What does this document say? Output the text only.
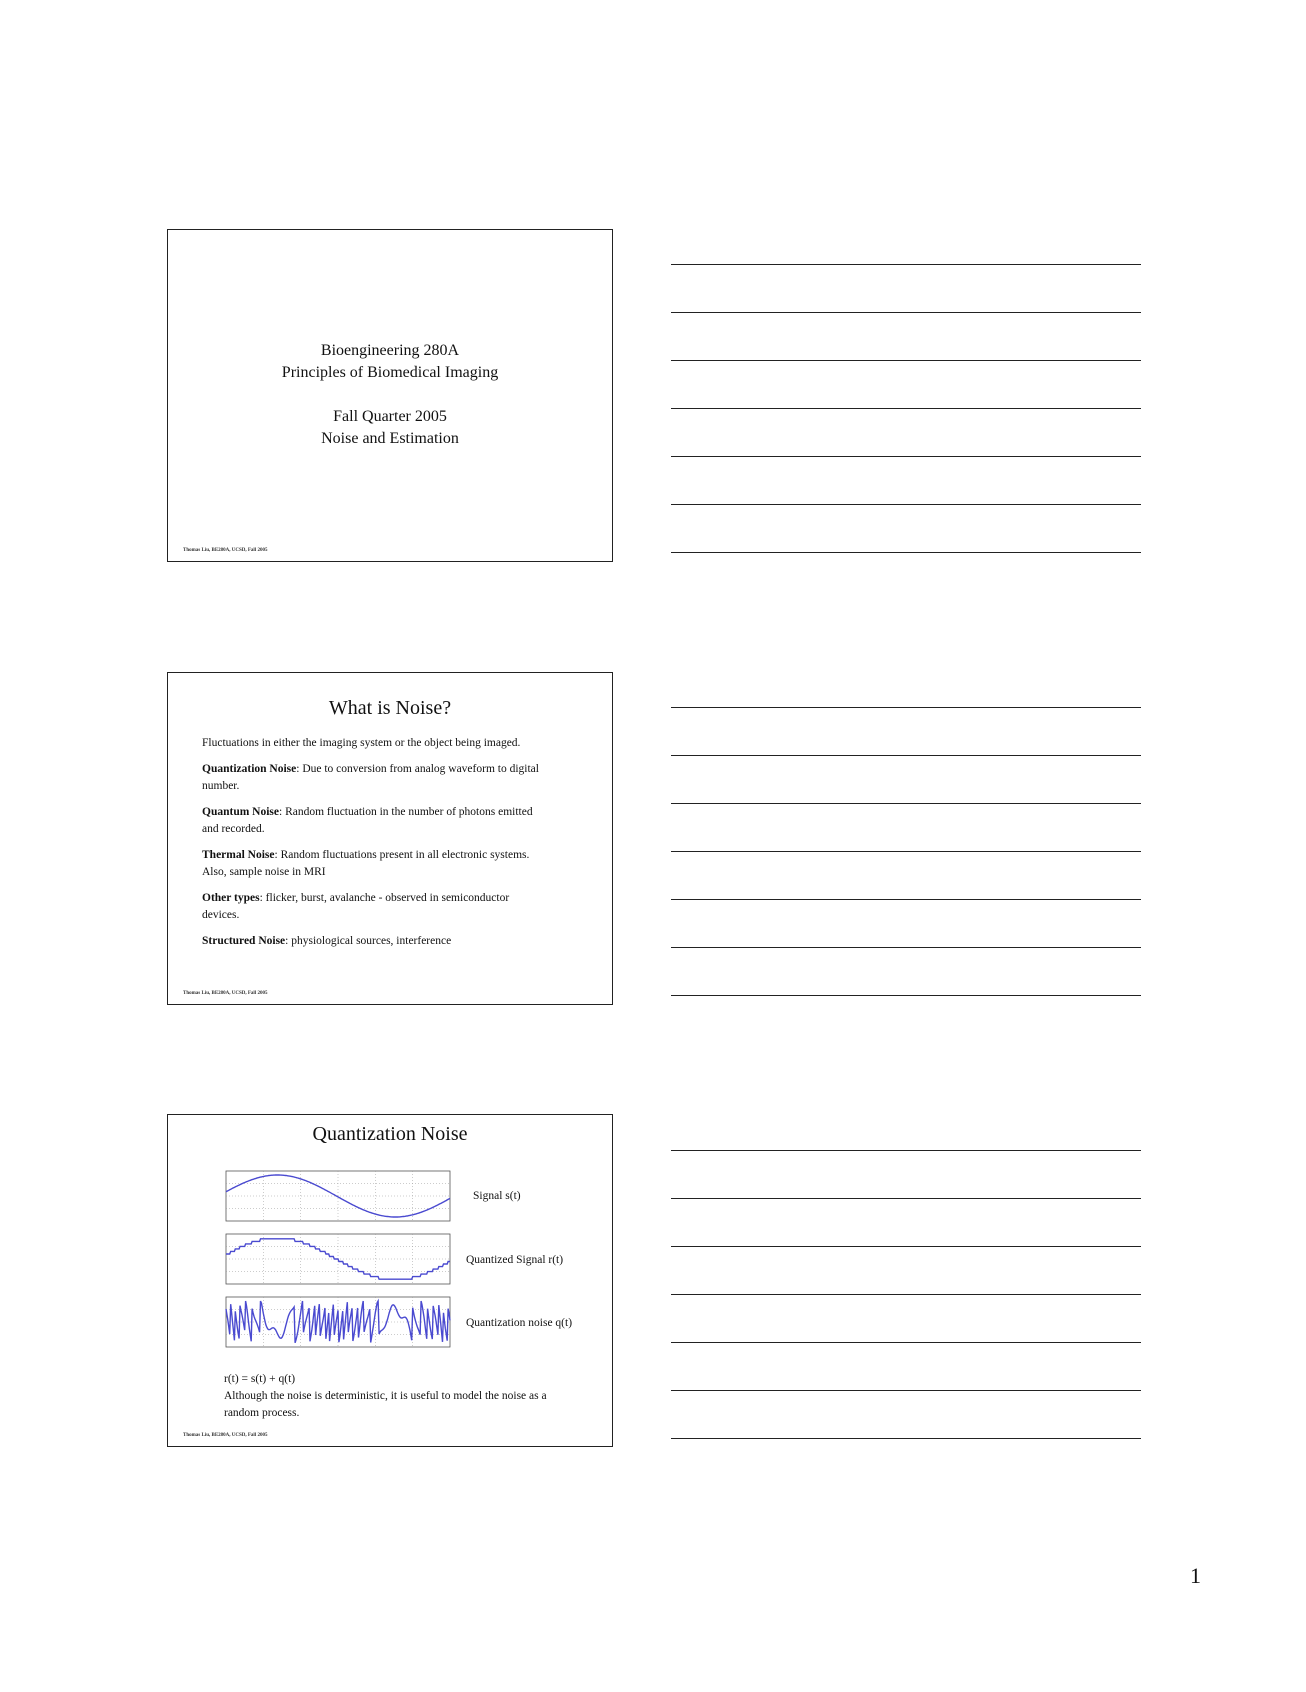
Bioengineering 280A
Principles of Biomedical Imaging
Fall Quarter 2005
Noise and Estimation
Thomas Liu, BE280A, UCSD, Fall 2005
What is Noise?

Fluctuations in either the imaging system or the object being imaged.

Quantization Noise: Due to conversion from analog waveform to digital number.

Quantum Noise: Random fluctuation in the number of photons emitted and recorded.

Thermal Noise: Random fluctuations present in all electronic systems. Also, sample noise in MRI

Other types: flicker, burst, avalanche - observed in semiconductor devices.

Structured Noise: physiological sources, interference

Thomas Liu, BE280A, UCSD, Fall 2005
Quantization Noise
Signal s(t)
Quantized Signal r(t)
Quantization noise q(t)
r(t) = s(t) + q(t)
Although the noise is deterministic, it is useful to model the noise as a random process.
Thomas Liu, BE280A, UCSD, Fall 2005
1
